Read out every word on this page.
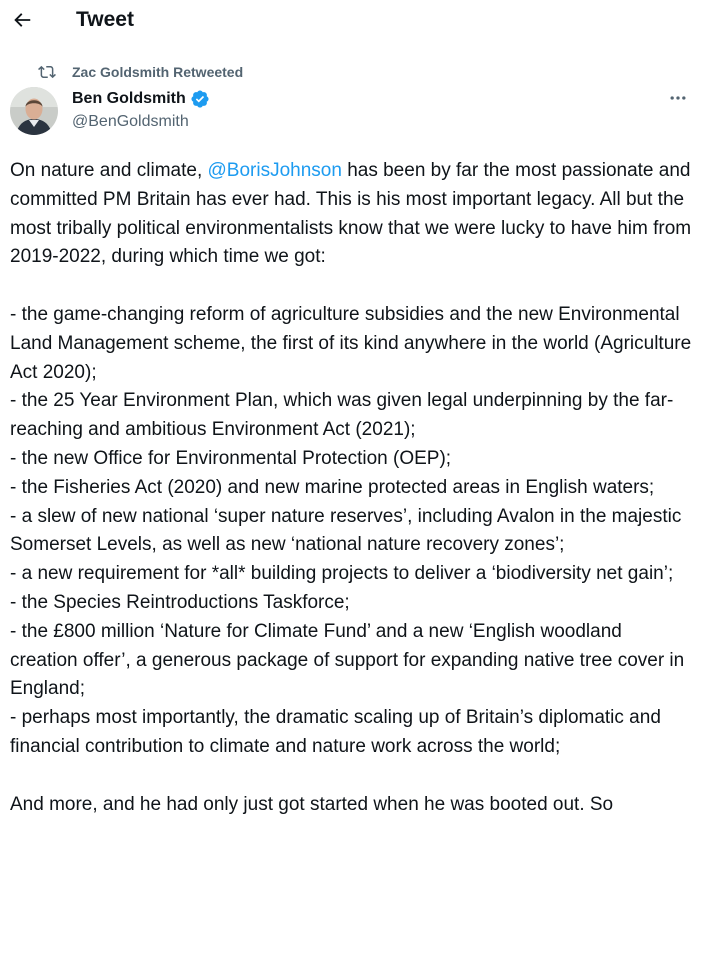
Tweet
Zac Goldsmith Retweeted
Ben Goldsmith
@BenGoldsmith

On nature and climate, @BorisJohnson has been by far the most passionate and committed PM Britain has ever had. This is his most important legacy. All but the most tribally political environmentalists know that we were lucky to have him from 2019-2022, during which time we got:

- the game-changing reform of agriculture subsidies and the new Environmental Land Management scheme, the first of its kind anywhere in the world (Agriculture Act 2020);

- the 25 Year Environment Plan, which was given legal underpinning by the far-reaching and ambitious Environment Act (2021);

- the new Office for Environmental Protection (OEP);

- the Fisheries Act (2020) and new marine protected areas in English waters;

- a slew of new national ‘super nature reserves’, including Avalon in the majestic Somerset Levels, as well as new ‘national nature recovery zones’;

- a new requirement for *all* building projects to deliver a ‘biodiversity net gain’;

- the Species Reintroductions Taskforce;

- the £800 million ‘Nature for Climate Fund’ and a new ‘English woodland creation offer’, a generous package of support for expanding native tree cover in England;

- perhaps most importantly, the dramatic scaling up of Britain’s diplomatic and financial contribution to climate and nature work across the world;

And more, and he had only just got started when he was booted out. So
